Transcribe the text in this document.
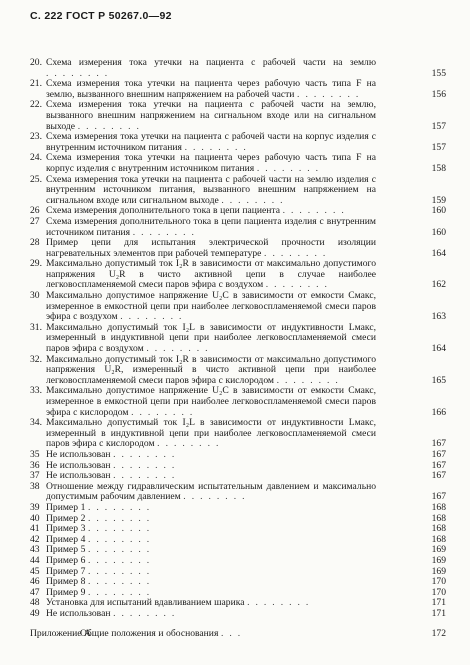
С. 222 ГОСТ Р 50267.0—92
20. Схема измерения тока утечки на пациента с рабочей части на землю ........	155
21. Схема измерения тока утечки на пациента через рабочую часть типа F на землю, вызванного внешним напряжением на рабочей части ........	156
22. Схема измерения тока утечки на пациента с рабочей части на землю, вызванного внешним напряжением на сигнальном входе или на сигнальном выходе ........	157
23. Схема измерения тока утечки на пациента с рабочей части на корпус изделия с внутренним источником питания ........	157
24. Схема измерения тока утечки на пациента через рабочую часть типа F на корпус изделия с внутренним источником питания ........	158
25. Схема измерения тока утечки на пациента с рабочей части на землю изделия с внутренним источником питания, вызванного внешним напряжением на сигнальном входе или сигнальном выходе ........	159
26 Схема измерения дополнительного тока в цепи пациента ........	160
27 Схема измерения дополнительного тока в цепи пациента изделия с внутренним источником питания ........	160
28 Пример цепи для испытания электрической прочности изоляции нагревательных элементов при рабочей температуре ........	164
29. Максимально допустимый ток I₂R в зависимости от максимально допустимого напряжения U₂R в чисто активной цепи в случае наиболее легковоспламеняемой смеси паров эфира с воздухом ........	162
30 Максимально допустимое напряжение U₂C в зависимости от емкости Cмакс, измеренное в емкостной цепи при наиболее легковоспламеняемой смеси паров эфира с воздухом ........	163
31. Максимально допустимый ток I₂L в зависимости от индуктивности Lмакс, измеренный в индуктивной цепи при наиболее легковоспламеняемой смеси паров эфира с воздухом ........	164
32. Максимально допустимый ток I₂R в зависимости от максимально допустимого напряжения U₂R, измеренный в чисто активной цепи при наиболее легковоспламеняемой смеси паров эфира с кислородом ........	165
33. Максимально допустимое напряжение U₂C в зависимости от емкости Cмакс, измеренное в емкостной цепи при наиболее легковоспламеняемой смеси паров эфира с кислородом ........	166
34. Максимально допустимый ток I₂L в зависимости от индуктивности Lмакс, измеренный в индуктивной цепи при наиболее легковоспламеняемой смеси паров эфира с кислородом ........	167
35 Не использован ........	167
36 Не использован ........	167
37 Не использован ........	167
38 Отношение между гидравлическим испытательным давлением и максимально допустимым рабочим давлением ........	167
39 Пример 1 ........	168
40 Пример 2 ........	168
41 Пример 3 ........	168
42 Пример 4 ........	168
43 Пример 5 ........	169
44 Пример 6 ........	169
45 Пример 7 ........	169
46 Пример 8 ........	170
47 Пример 9 ........	170
48 Установка для испытаний вдавливанием шарика ........	171
49 Не использован ........	171
Приложение А
Общие положения и обоснования ...	172
